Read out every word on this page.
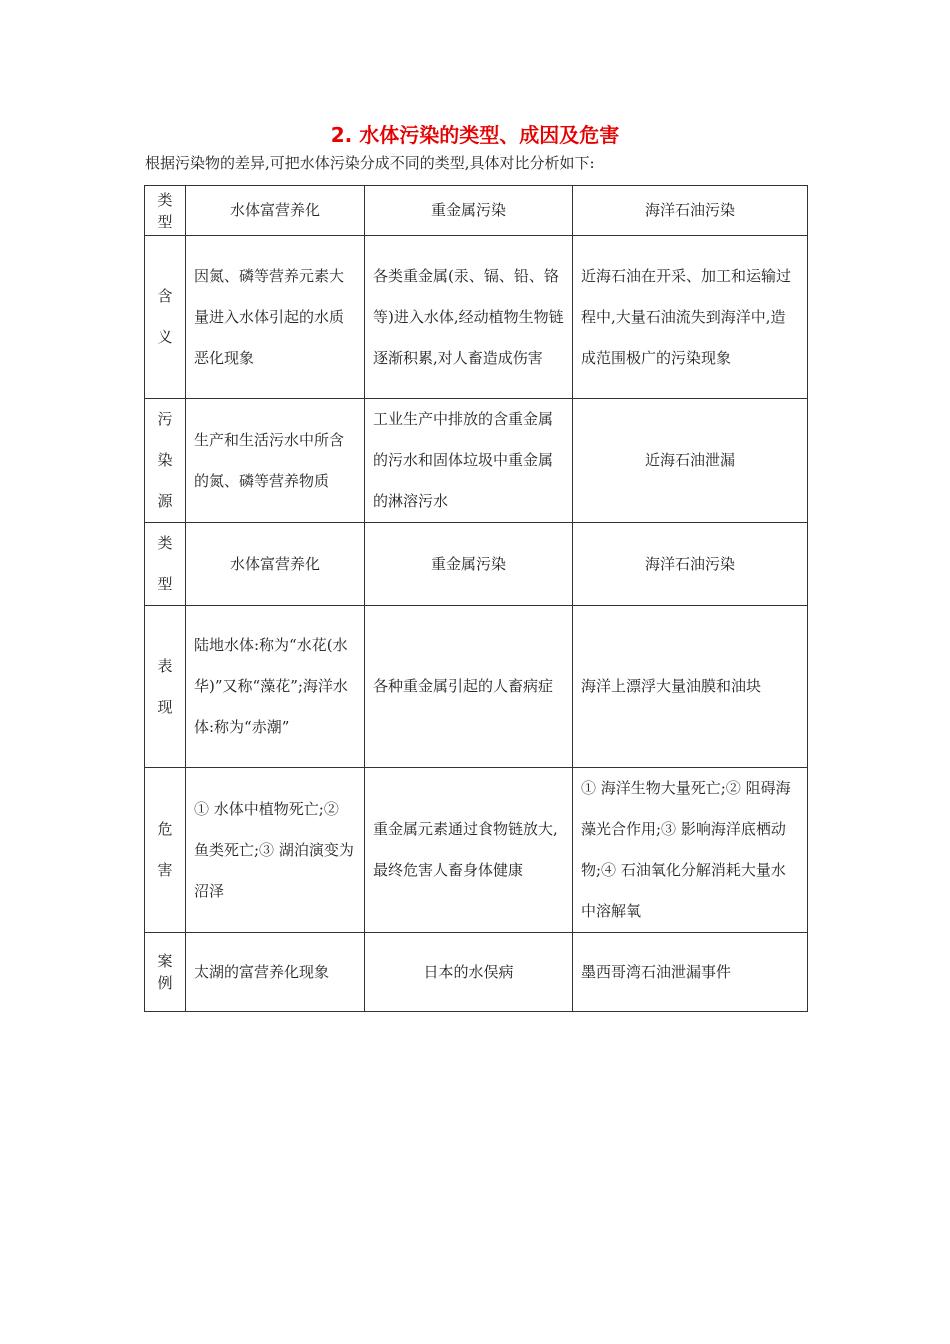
2. 水体污染的类型、成因及危害
根据污染物的差异,可把水体污染分成不同的类型,具体对比分析如下:
类型	水体富营养化	重金属污染	海洋石油污染

含义	因氮、磷等营养元素大量进入水体引起的水质恶化现象	各类重金属(汞、镉、铅、铬等)进入水体,经动植物生物链逐渐积累,对人畜造成伤害	近海石油在开采、加工和运输过程中,大量石油流失到海洋中,造成范围极广的污染现象

污染源	生产和生活污水中所含的氮、磷等营养物质	工业生产中排放的含重金属的污水和固体垃圾中重金属的淋溶污水	近海石油泄漏

类型	水体富营养化	重金属污染	海洋石油污染

表现	陆地水体:称为“水花(水华)”又称“藻花”;海洋水体:称为“赤潮”	各种重金属引起的人畜病症	海洋上漂浮大量油膜和油块

危害	① 水体中植物死亡;② 鱼类死亡;③ 湖泊演变为沼泽	重金属元素通过食物链放大,最终危害人畜身体健康	① 海洋生物大量死亡;② 阻碍海藻光合作用;③ 影响海洋底栖动物;④ 石油氧化分解消耗大量水中溶解氧

案例	太湖的富营养化现象	日本的水俣病	墨西哥湾石油泄漏事件
